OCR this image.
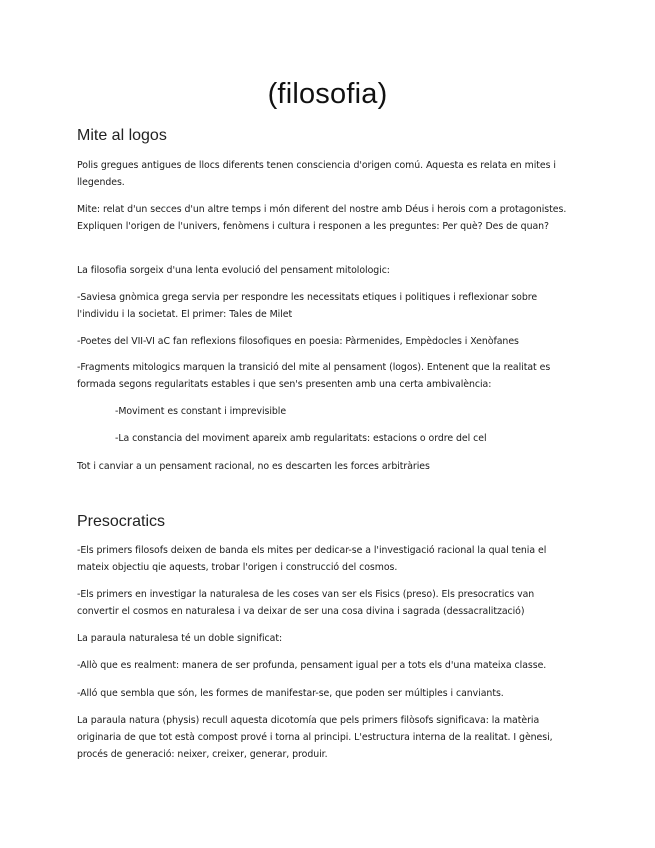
(filosofia)
Mite al logos

Polis gregues antigues de llocs diferents tenen consciencia d'origen comú. Aquesta es relata en mites i llegendes.

Mite: relat d'un secces d'un altre temps i món diferent del nostre amb Déus i herois com a protagonistes. Expliquen l'origen de l'univers, fenòmens i cultura i responen a les preguntes: Per què? Des de quan?

La filosofia sorgeix d'una lenta evolució del pensament mitolologic:

-Saviesa gnòmica grega servia per respondre les necessitats etiques i politiques i reflexionar sobre l'individu i la societat. El primer: Tales de Milet

-Poetes del VII-VI aC fan reflexions filosofiques en poesia: Pàrmenides, Empèdocles i Xenòfanes

-Fragments mitologics marquen la transició del mite al pensament (logos). Entenent que la realitat es formada segons regularitats estables i que sen's presenten amb una certa ambivalència:

-Moviment es constant i imprevisible

-La constancia del moviment apareix amb regularitats: estacions o ordre del cel

Tot i canviar a un pensament racional, no es descarten les forces arbitràries

Presocratics

-Els primers filosofs deixen de banda els mites per dedicar-se a l'investigació racional la qual tenia el mateix objectiu qie aquests, trobar l'origen i construcció del cosmos.

-Els primers en investigar la naturalesa de les coses van ser els Fisics (preso). Els presocratics van convertir el cosmos en naturalesa i va deixar de ser una cosa divina i sagrada (dessacralització)

La paraula naturalesa té un doble significat:

-Allò que es realment: manera de ser profunda, pensament igual per a tots els d'una mateixa classe.

-Alló que sembla que són, les formes de manifestar-se, que poden ser múltiples i canviants.

La paraula natura (physis) recull aquesta dicotomía que pels primers filòsofs significava: la matèria originaria de que tot està compost prové i torna al principi. L'estructura interna de la realitat. I gènesi, procés de generació: neixer, creixer, generar, produir.
